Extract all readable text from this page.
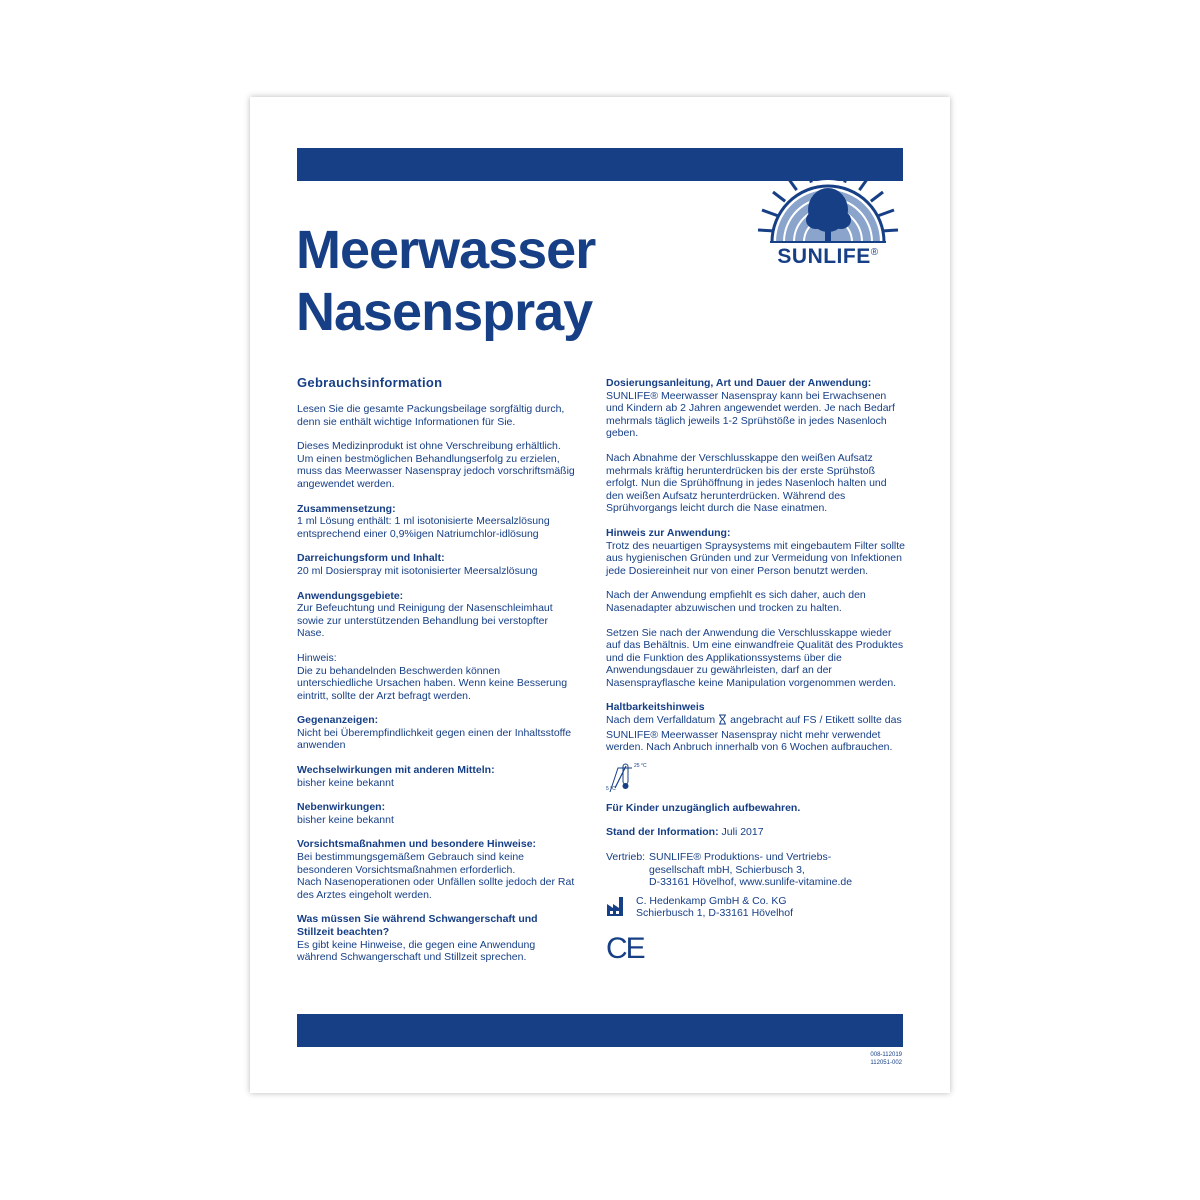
SUNLIFE®
Meerwasser
Nasenspray
Gebrauchsinformation

Lesen Sie die gesamte Packungsbeilage sorgfältig durch, denn sie enthält wichtige Informationen für Sie.

Dieses Medizinprodukt ist ohne Verschreibung erhältlich. Um einen bestmöglichen Behandlungserfolg zu erzielen, muss das Meerwasser Nasenspray jedoch vorschriftsmäßig angewendet werden.

Zusammensetzung:
1 ml Lösung enthält: 1 ml isotonisierte Meersalzlösung entsprechend einer 0,9%igen Natriumchlor-idlösung
Darreichungsform und Inhalt:
20 ml Dosierspray mit isotonisierter Meersalzlösung
Anwendungsgebiete:
Zur Befeuchtung und Reinigung der Nasenschleimhaut sowie zur unterstützenden Behandlung bei verstopfter Nase.
Hinweis:
Die zu behandelnden Beschwerden können unterschiedliche Ursachen haben. Wenn keine Besserung eintritt, sollte der Arzt befragt werden.
Gegenanzeigen:
Nicht bei Überempfindlichkeit gegen einen der Inhaltsstoffe anwenden
Wechselwirkungen mit anderen Mitteln:
bisher keine bekannt
Nebenwirkungen:
bisher keine bekannt
Vorsichtsmaßnahmen und besondere Hinweise:
Bei bestimmungsgemäßem Gebrauch sind keine besonderen Vorsichtsmaßnahmen erforderlich.
Nach Nasenoperationen oder Unfällen sollte jedoch der Rat des Arztes eingeholt werden.
Was müssen Sie während Schwangerschaft und Stillzeit beachten?
Es gibt keine Hinweise, die gegen eine Anwendung während Schwangerschaft und Stillzeit sprechen.
Dosierungsanleitung, Art und Dauer der Anwendung:
SUNLIFE® Meerwasser Nasenspray kann bei Erwachsenen und Kindern ab 2 Jahren angewendet werden. Je nach Bedarf mehrmals täglich jeweils 1-2 Sprühstöße in jedes Nasenloch geben.

Nach Abnahme der Verschlusskappe den weißen Aufsatz mehrmals kräftig herunterdrücken bis der erste Sprühstoß erfolgt. Nun die Sprühöffnung in jedes Nasenloch halten und den weißen Aufsatz herunterdrücken. Während des Sprühvorgangs leicht durch die Nase einatmen.

Hinweis zur Anwendung:
Trotz des neuartigen Spraysystems mit eingebautem Filter sollte aus hygienischen Gründen und zur Vermeidung von Infektionen jede Dosiereinheit nur von einer Person benutzt werden.

Nach der Anwendung empfiehlt es sich daher, auch den Nasenadapter abzuwischen und trocken zu halten.

Setzen Sie nach der Anwendung die Verschlusskappe wieder auf das Behältnis. Um eine einwandfreie Qualität des Produktes und die Funktion des Applikationssystems über die Anwendungsdauer zu gewährleisten, darf an der Nasensprayflasche keine Manipulation vorgenommen werden.

Haltbarkeitshinweis
Nach dem Verfalldatum angebracht auf FS / Etikett sollte das SUNLIFE® Meerwasser Nasenspray nicht mehr verwendet werden. Nach Anbruch innerhalb von 6 Wochen aufbrauchen.
25 °C
5 °C

Für Kinder unzugänglich aufbewahren.

Stand der Information: Juli 2017

Vertrieb: SUNLIFE® Produktions- und Vertriebs-
gesellschaft mbH, Schierbusch 3,
D-33161 Hövelhof, www.sunlife-vitamine.de
C. Hedenkamp GmbH & Co. KG
Schierbusch 1, D-33161 Hövelhof
CE
008-112019
112051-002
